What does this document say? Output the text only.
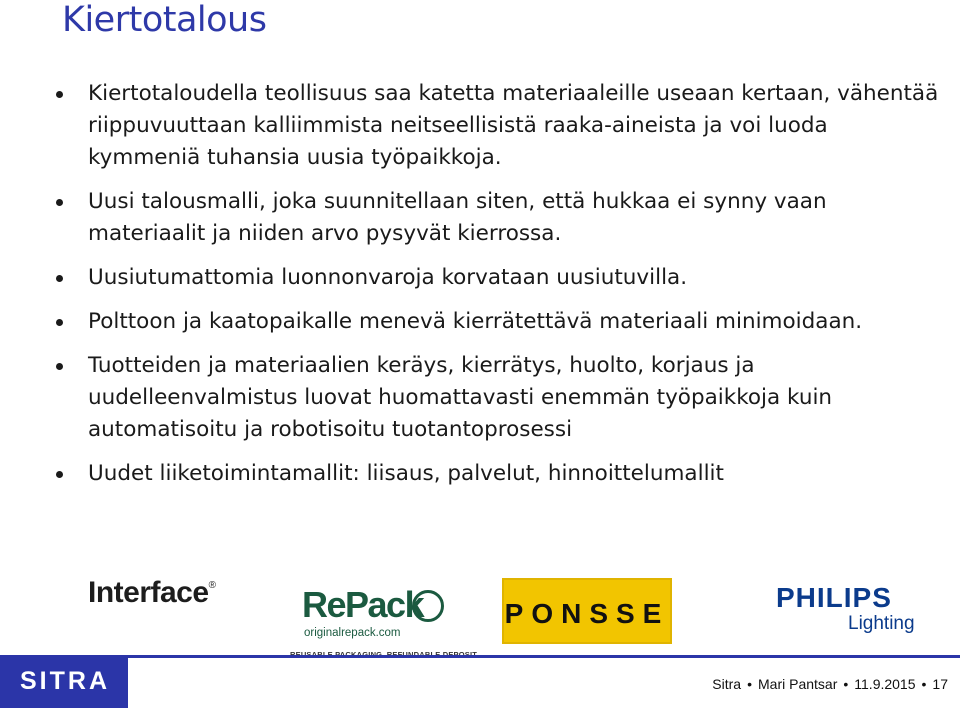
Kiertotalous
Kiertotaloudella teollisuus saa katetta materiaaleille useaan kertaan, vähentää riippuvuuttaan kalliimmista neitseellisistä raaka-aineista ja voi luoda kymmeniä tuhansia uusia työpaikkoja.
Uusi talousmalli, joka suunnitellaan siten, että hukkaa ei synny vaan materiaalit ja niiden arvo pysyvät kierrossa.
Uusiutumattomia luonnonvaroja korvataan uusiutuvilla.
Polttoon ja kaatopaikalle menevä kierrätettävä materiaali minimoidaan.
Tuotteiden ja materiaalien keräys, kierrätys, huolto, korjaus ja uudelleenvalmistus luovat huomattavasti enemmän työpaikkoja kuin automatisoitu ja robotisoitu tuotantoprosessi
Uudet liiketoimintamallit: liisaus, palvelut, hinnoittelumallit
Interface® RePack
originalrepack.com
PONSSE
PHILIPS
Lighting
SITRA	Sitra • Mari Pantsar • 11.9.2015 • 17
